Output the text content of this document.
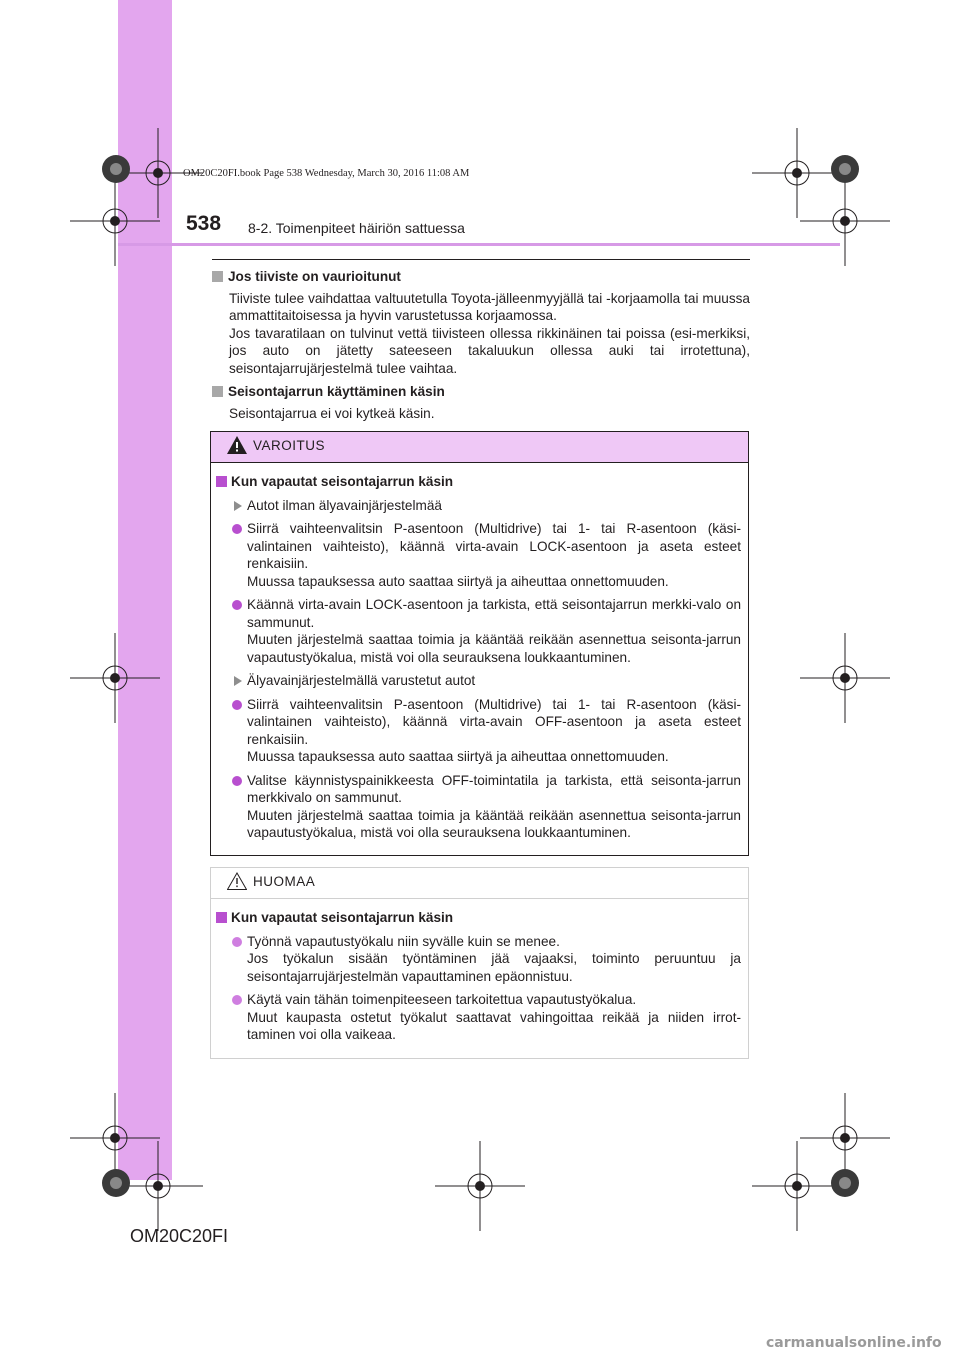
538 8-2. Toimenpiteet häiriön sattuessa
OM20C20FI.book Page 538 Wednesday, March 30, 2016 11:08 AM
Jos tiiviste on vaurioitunut

Tiiviste tulee vaihdattaa valtuutetulla Toyota-jälleenmyyjällä tai -korjaamolla tai muussa ammattitaitoisessa ja hyvin varustetussa korjaamossa.

Jos tavaratilaan on tulvinut vettä tiivisteen ollessa rikkinäinen tai poissa (esi-merkiksi, jos auto on jätetty sateeseen takaluukun ollessa auki tai irrotettuna), seisontajarrujärjestelmä tulee vaihtaa.

Seisontajarrun käyttäminen käsin

Seisontajarrua ei voi kytkeä käsin.

VAROITUS
Kun vapautat seisontajarrun käsin
Autot ilman älyavainjärjestelmää
Siirrä vaihteenvalitsin P-asentoon (Multidrive) tai 1- tai R-asentoon (käsi-valintainen vaihteisto), käännä virta-avain LOCK-asentoon ja aseta esteet renkaisiin.
Muussa tapauksessa auto saattaa siirtyä ja aiheuttaa onnettomuuden.
Käännä virta-avain LOCK-asentoon ja tarkista, että seisontajarrun merkki-valo on sammunut.
Muuten järjestelmä saattaa toimia ja kääntää reikään asennettua seisonta-jarrun vapautustyökalua, mistä voi olla seurauksena loukkaantuminen.
Älyavainjärjestelmällä varustetut autot
Siirrä vaihteenvalitsin P-asentoon (Multidrive) tai 1- tai R-asentoon (käsi-valintainen vaihteisto), käännä virta-avain OFF-asentoon ja aseta esteet renkaisiin.
Muussa tapauksessa auto saattaa siirtyä ja aiheuttaa onnettomuuden.
Valitse käynnistyspainikkeesta OFF-toimintatila ja tarkista, että seisonta-jarrun merkkivalo on sammunut.
Muuten järjestelmä saattaa toimia ja kääntää reikään asennettua seisonta-jarrun vapautustyökalua, mistä voi olla seurauksena loukkaantuminen.
HUOMAA
Kun vapautat seisontajarrun käsin
Työnnä vapautustyökalu niin syvälle kuin se menee.
Jos työkalun sisään työntäminen jää vajaaksi, toiminto peruuntuu ja seisontajarrujärjestelmän vapauttaminen epäonnistuu.
Käytä vain tähän toimenpiteeseen tarkoitettua vapautustyökalua.
Muut kaupasta ostetut työkalut saattavat vahingoittaa reikää ja niiden irrot-taminen voi olla vaikeaa.
OM20C20FI
carmanualsonline.info
